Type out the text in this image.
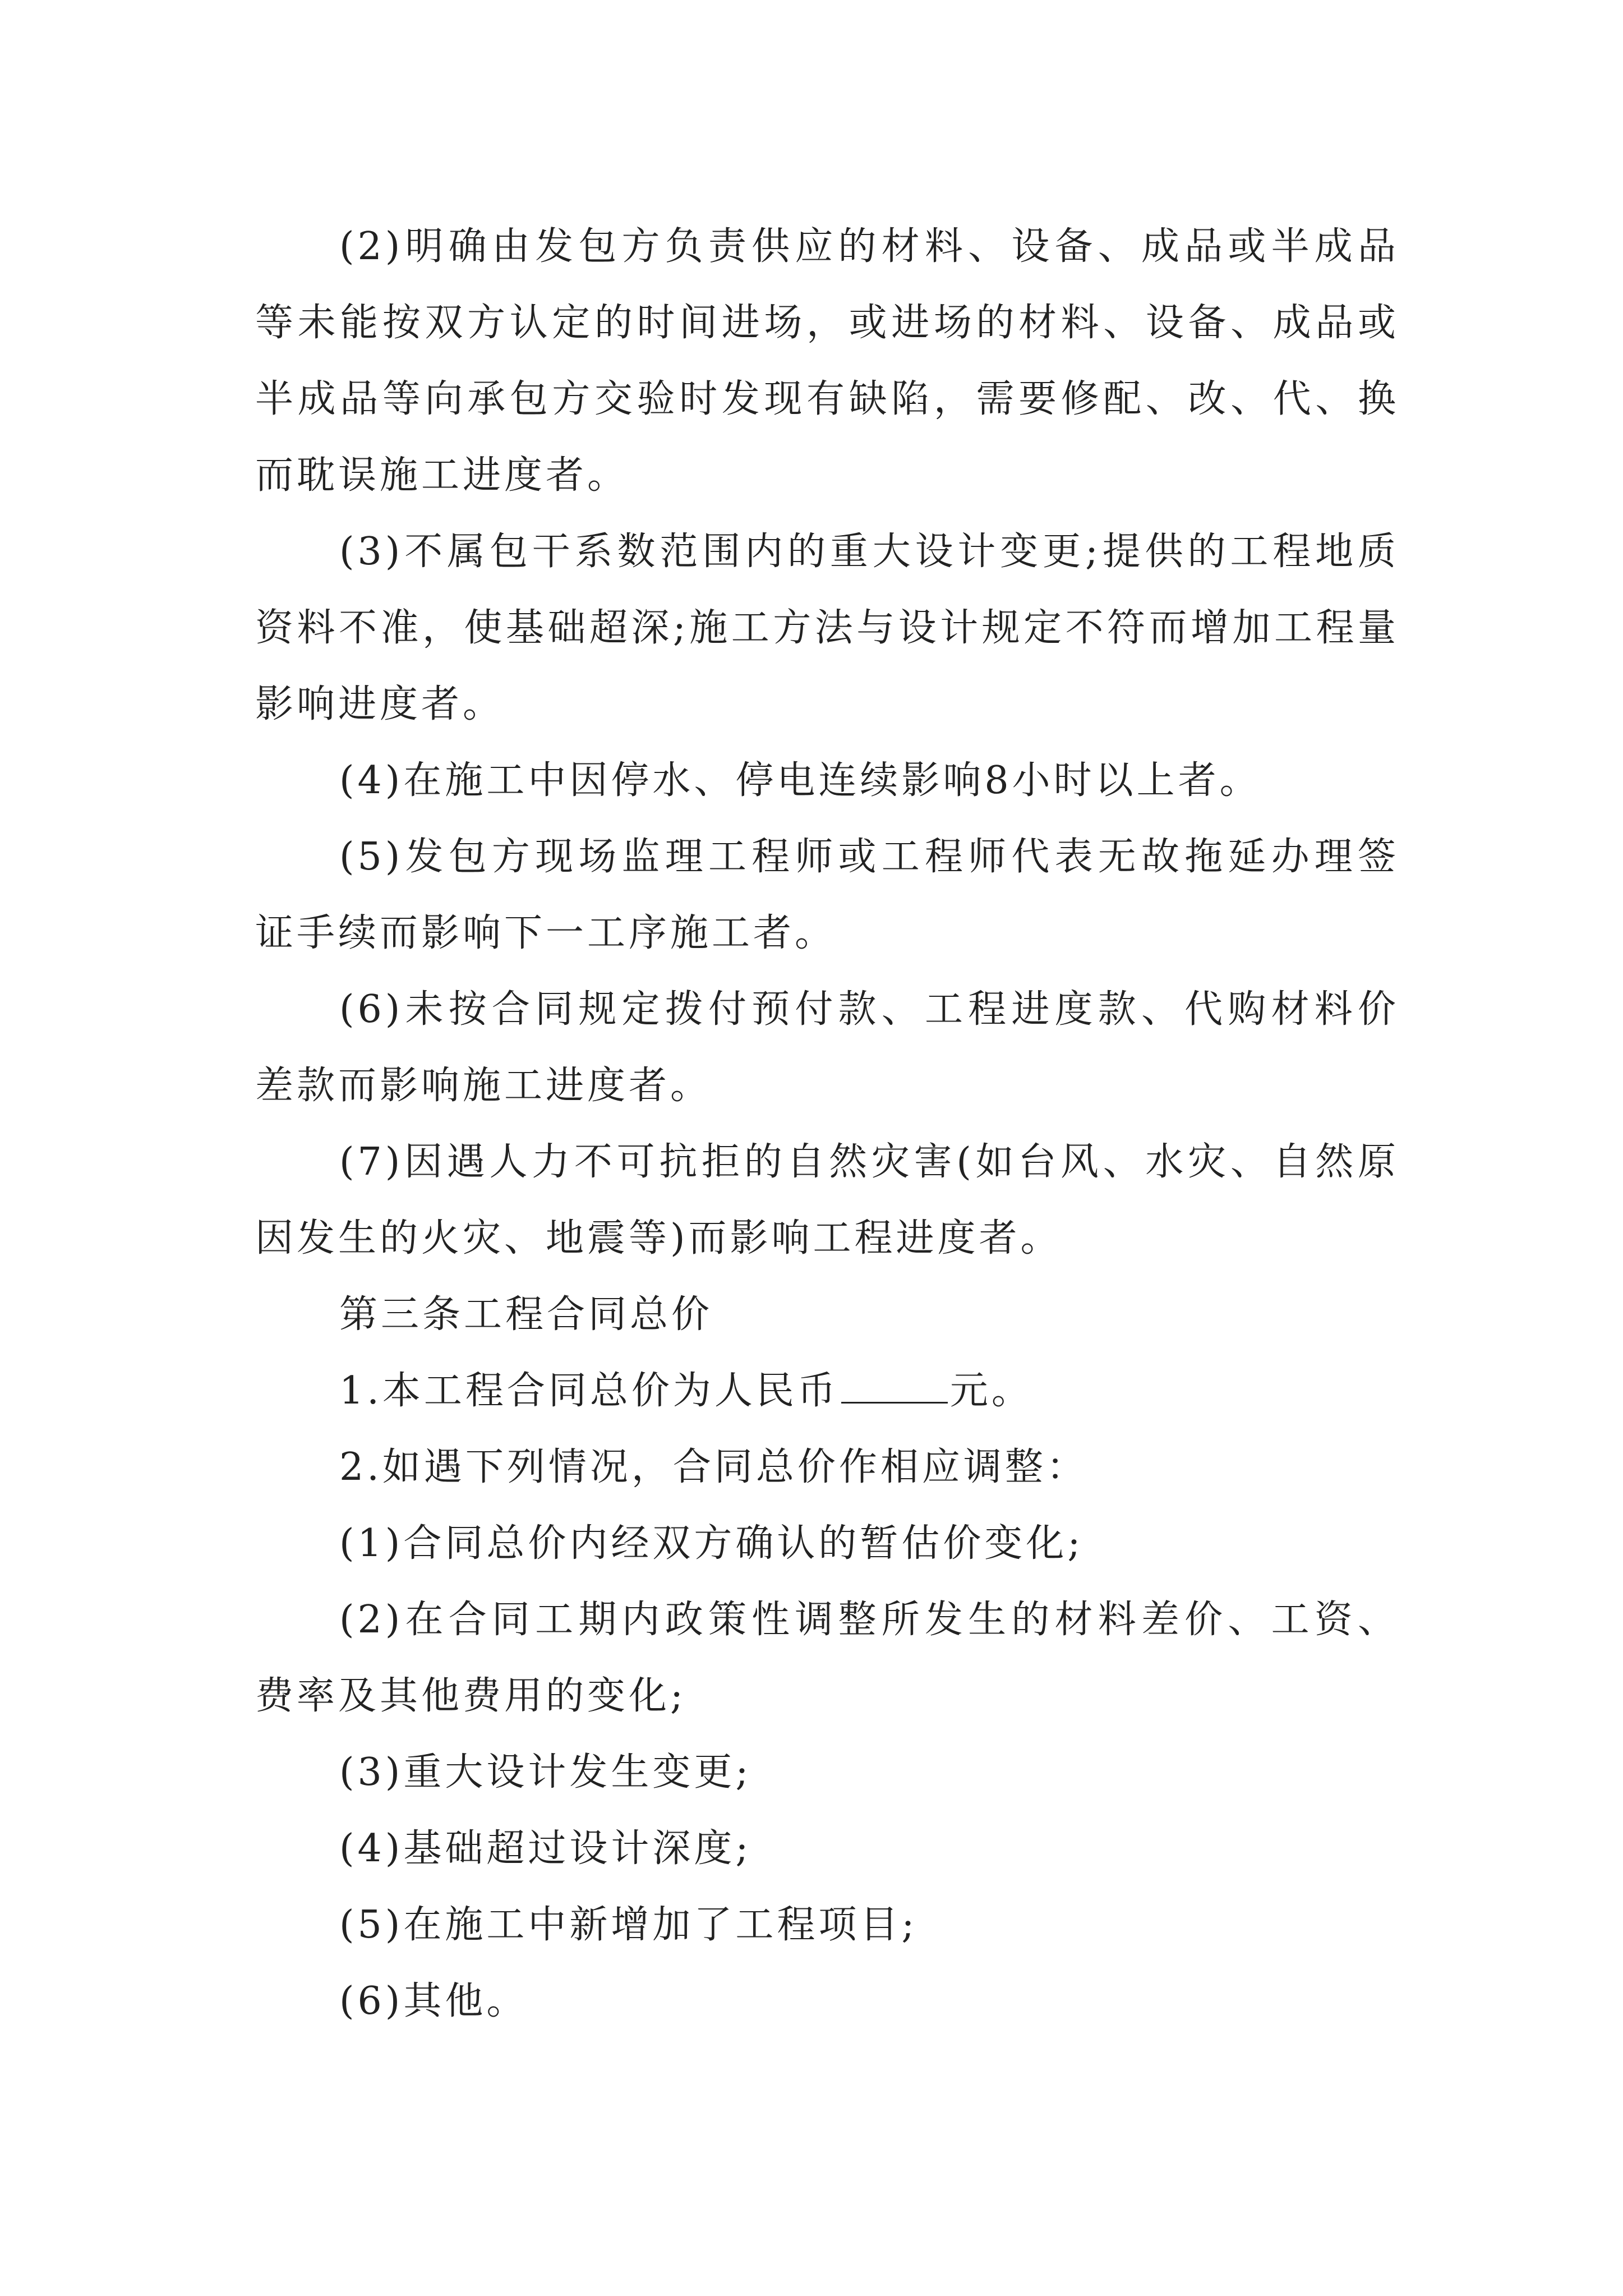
(2)明确由发包方负责供应的材料、设备、成品或半成品等未能按双方认定的时间进场，或进场的材料、设备、成品或半成品等向承包方交验时发现有缺陷，需要修配、改、代、换而耽误施工进度者。

(3)不属包干系数范围内的重大设计变更;提供的工程地质资料不准，使基础超深;施工方法与设计规定不符而增加工程量影响进度者。

(4)在施工中因停水、停电连续影响8小时以上者。

(5)发包方现场监理工程师或工程师代表无故拖延办理签证手续而影响下一工序施工者。

(6)未按合同规定拨付预付款、工程进度款、代购材料价差款而影响施工进度者。

(7)因遇人力不可抗拒的自然灾害(如台风、水灾、自然原因发生的火灾、地震等)而影响工程进度者。

第三条工程合同总价

1.本工程合同总价为人民币	元。

2.如遇下列情况，合同总价作相应调整：

(1)合同总价内经双方确认的暂估价变化;

(2)在合同工期内政策性调整所发生的材料差价、工资、费率及其他费用的变化;

(3)重大设计发生变更;

(4)基础超过设计深度;

(5)在施工中新增加了工程项目;

(6)其他。
